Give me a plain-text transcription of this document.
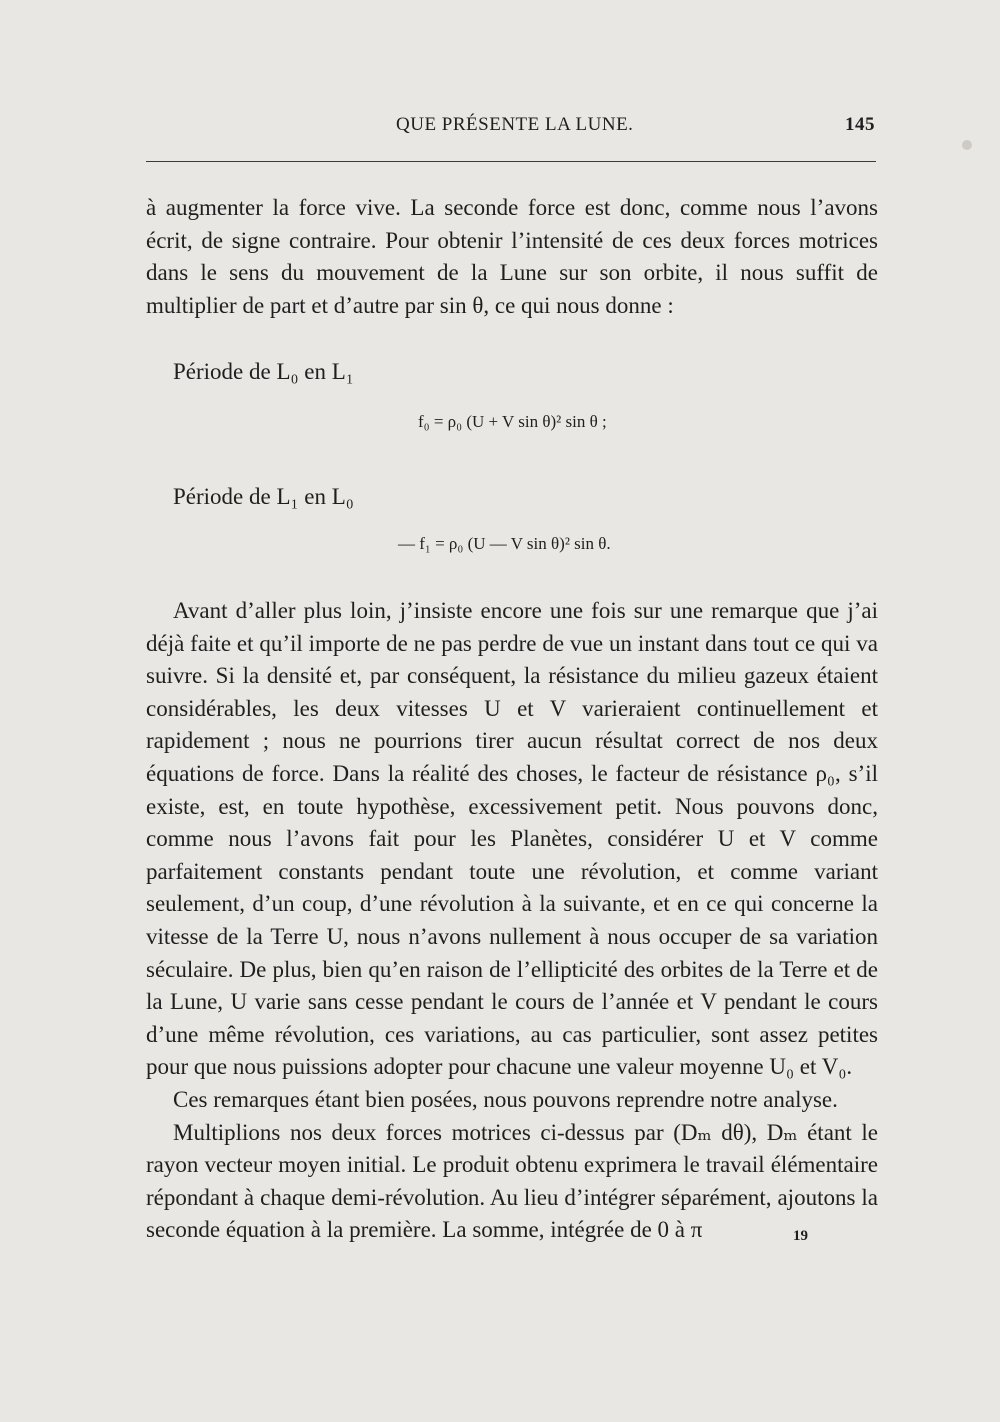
QUE PRÉSENTE LA LUNE.	145

à augmenter la force vive. La seconde force est donc, comme nous l’avons écrit, de signe contraire. Pour obtenir l’intensité de ces deux forces motrices dans le sens du mouvement de la Lune sur son orbite, il nous suffit de multiplier de part et d’autre par sin θ, ce qui nous donne :

Période de L₀ en L₁
f₀ = ρ₀ (U + V sin θ)² sin θ ;
Période de L₁ en L₀
— f₁ = ρ₀ (U — V sin θ)² sin θ.

Avant d’aller plus loin, j’insiste encore une fois sur une remarque que j’ai déjà faite et qu’il importe de ne pas perdre de vue un instant dans tout ce qui va suivre. Si la densité et, par conséquent, la résistance du milieu gazeux étaient considérables, les deux vitesses U et V varieraient continuellement et rapidement ; nous ne pourrions tirer aucun résultat correct de nos deux équations de force. Dans la réalité des choses, le facteur de résistance ρ₀, s’il existe, est, en toute hypothèse, excessivement petit. Nous pouvons donc, comme nous l’avons fait pour les Planètes, considérer U et V comme parfaitement constants pendant toute une révolution, et comme variant seulement, d’un coup, d’une révolution à la suivante, et en ce qui concerne la vitesse de la Terre U, nous n’avons nullement à nous occuper de sa variation séculaire. De plus, bien qu’en raison de l’ellipticité des orbites de la Terre et de la Lune, U varie sans cesse pendant le cours de l’année et V pendant le cours d’une même révolution, ces variations, au cas particulier, sont assez petites pour que nous puissions adopter pour chacune une valeur moyenne U₀ et V₀.

Ces remarques étant bien posées, nous pouvons reprendre notre analyse.

Multiplions nos deux forces motrices ci-dessus par (Dₘ dθ), Dₘ étant le rayon vecteur moyen initial. Le produit obtenu exprimera le travail élémentaire répondant à chaque demi-révolution. Au lieu d’intégrer séparément, ajoutons la seconde équation à la première. La somme, intégrée de 0 à π	19
